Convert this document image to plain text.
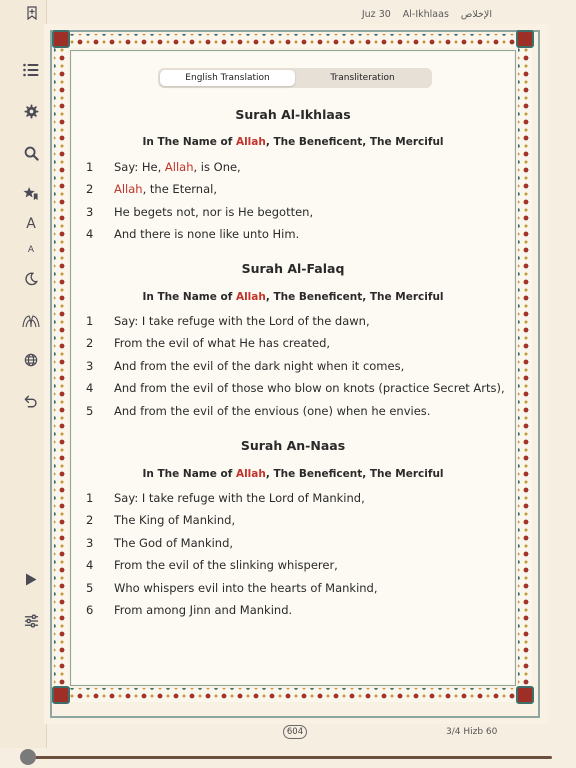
A
A
Juz 30 Al-Ikhlaas الإخلاص
English Translation	Transliteration
Surah Al-Ikhlaas
In The Name of Allah, The Beneficent, The Merciful
1	Say: He, Allah, is One,
2	Allah, the Eternal,
3	He begets not, nor is He begotten,
4	And there is none like unto Him.
Surah Al-Falaq
In The Name of Allah, The Beneficent, The Merciful
1	Say: I take refuge with the Lord of the dawn,
2	From the evil of what He has created,
3	And from the evil of the dark night when it comes,
4	And from the evil of those who blow on knots (practice Secret Arts),
5	And from the evil of the envious (one) when he envies.
Surah An-Naas
In The Name of Allah, The Beneficent, The Merciful
1	Say: I take refuge with the Lord of Mankind,
2	The King of Mankind,
3	The God of Mankind,
4	From the evil of the slinking whisperer,
5	Who whispers evil into the hearts of Mankind,
6	From among Jinn and Mankind.
604	3/4 Hizb 60
